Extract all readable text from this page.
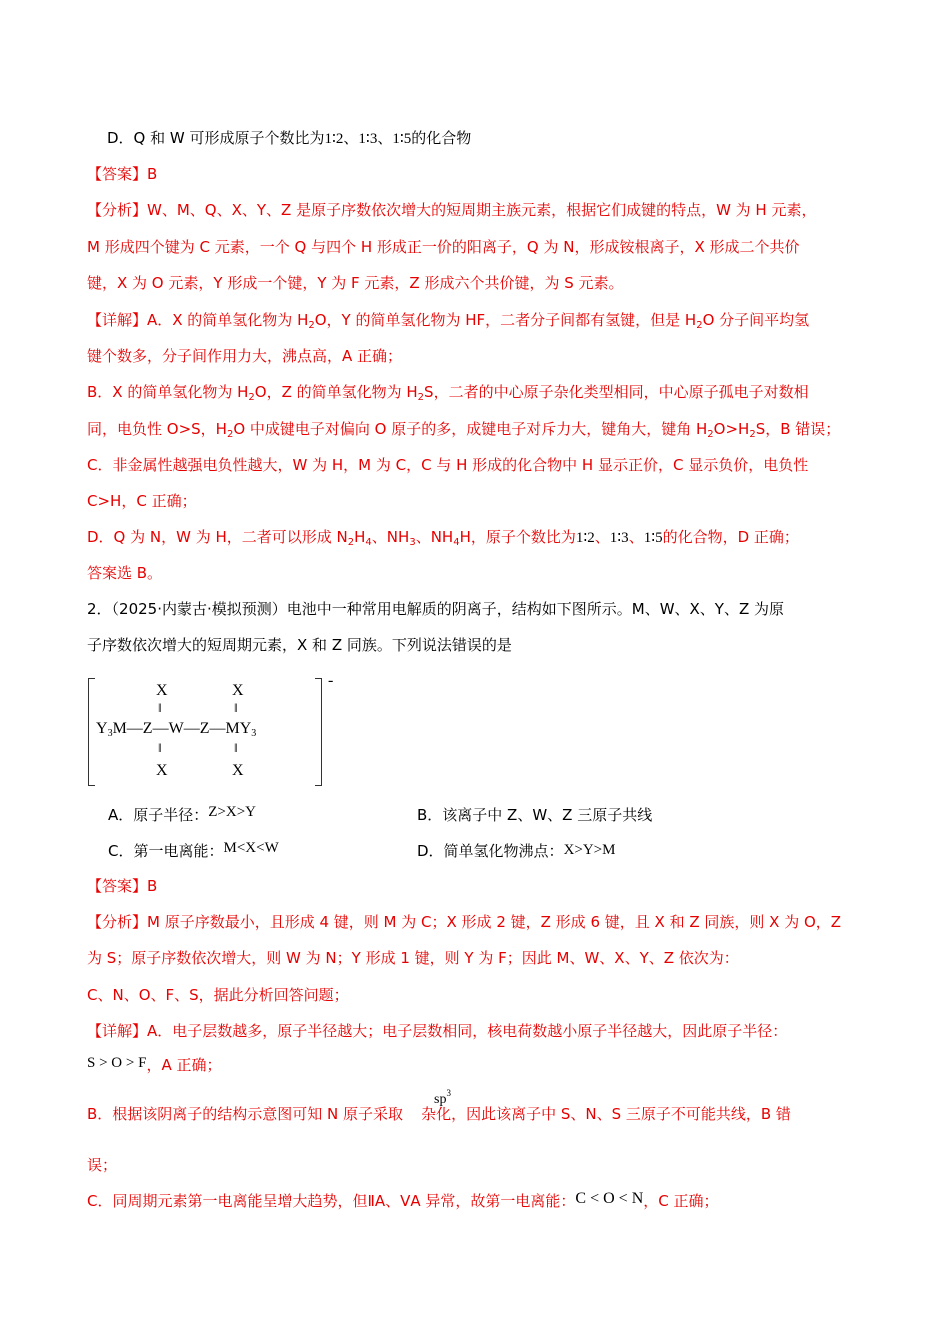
D．Q 和 W 可形成原子个数比为1∶2、1∶3、1∶5的化合物
【答案】B
【分析】W、M、Q、X、Y、Z 是原子序数依次增大的短周期主族元素，根据它们成键的特点，W 为 H 元素，
M 形成四个键为 C 元素，一个 Q 与四个 H 形成正一价的阳离子，Q 为 N，形成铵根离子，X 形成二个共价
键，X 为 O 元素，Y 形成一个键，Y 为 F 元素，Z 形成六个共价键，为 S 元素。
【详解】A．X 的简单氢化物为 $H_2O$，Y 的简单氢化物为 HF，二者分子间都有氢键，但是 $H_2O$ 分子间平均氢
键个数多，分子间作用力大，沸点高，A 正确；
B．X 的简单氢化物为 $H_2O$，Z 的简单氢化物为 $H_2S$，二者的中心原子杂化类型相同，中心原子孤电子对数相
同，电负性 O>S，$H_2O$ 中成键电子对偏向 O 原子的多，成键电子对斥力大，键角大，键角 $H_2O>H_2S$，B 错误；
C．非金属性越强电负性越大，W 为 H，M 为 C，C 与 H 形成的化合物中 H 显示正价，C 显示负价，电负性
C>H，C 正确；
D．Q 为 N，W 为 H，二者可以形成 $N_2H_4$、$NH_3$、$NH_4H$，原子个数比为1∶2、1∶3、1∶5的化合物，D 正确；
答案选 B。
2．（2025·内蒙古·模拟预测）电池中一种常用电解质的阴离子，结构如下图所示。M、W、X、Y、Z 为原
子序数依次增大的短周期元素，X 和 Z 同族。下列说法错误的是
-
X
‖
X
‖
$Y_3M—Z—W—Z—MY_3$
‖
X
‖
X
A．原子半径：Z>X>Y	B．该离子中 Z、W、Z 三原子共线
C．第一电离能：M<X<W	D．简单氢化物沸点：X>Y>M
【答案】B
【分析】M 原子序数最小，且形成 4 键，则 M 为 C；X 形成 2 键，Z 形成 6 键，且 X 和 Z 同族，则 X 为 O，Z
为 S；原子序数依次增大，则 W 为 N；Y 形成 1 键，则 Y 为 F；因此 M、W、X、Y、Z 依次为：
C、N、O、F、S，据此分析回答问题；
【详解】A．电子层数越多，原子半径越大；电子层数相同，核电荷数越小原子半径越大，因此原子半径：
S > O > F，A 正确；
B．根据该阴离子的结构示意图可知 N 原子采取 杂化，因此该离子中 S、N、S 三原子不可能共线，B 错
$sp^3$
误；
C．同周期元素第一电离能呈增大趋势，但ⅡA、ⅤA 异常，故第一电离能：C < O < N，C 正确；
